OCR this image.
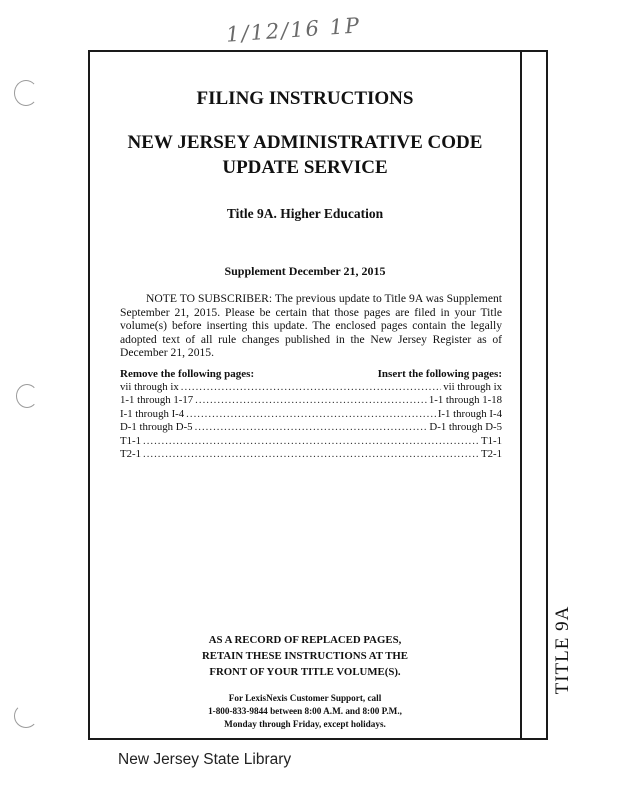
1/12/16 1P
FILING INSTRUCTIONS
NEW JERSEY ADMINISTRATIVE CODE
UPDATE SERVICE
Title 9A. Higher Education
Supplement December 21, 2015
NOTE TO SUBSCRIBER: The previous update to Title 9A was Supplement September 21, 2015. Please be certain that those pages are filed in your Title volume(s) before inserting this update. The enclosed pages contain the legally adopted text of all rule changes published in the New Jersey Register as of December 21, 2015.
Remove the following pages:	Insert the following pages:
vii through ix .....	vii through ix
1-1 through 1-17 .....	1-1 through 1-18
I-1 through I-4 .....	I-1 through I-4
D-1 through D-5 .....	D-1 through D-5
T1-1 .....	T1-1
T2-1 .....	T2-1
AS A RECORD OF REPLACED PAGES,
RETAIN THESE INSTRUCTIONS AT THE
FRONT OF YOUR TITLE VOLUME(S).
For LexisNexis Customer Support, call
1-800-833-9844 between 8:00 A.M. and 8:00 P.M.,
Monday through Friday, except holidays.
TITLE 9A
New Jersey State Library
